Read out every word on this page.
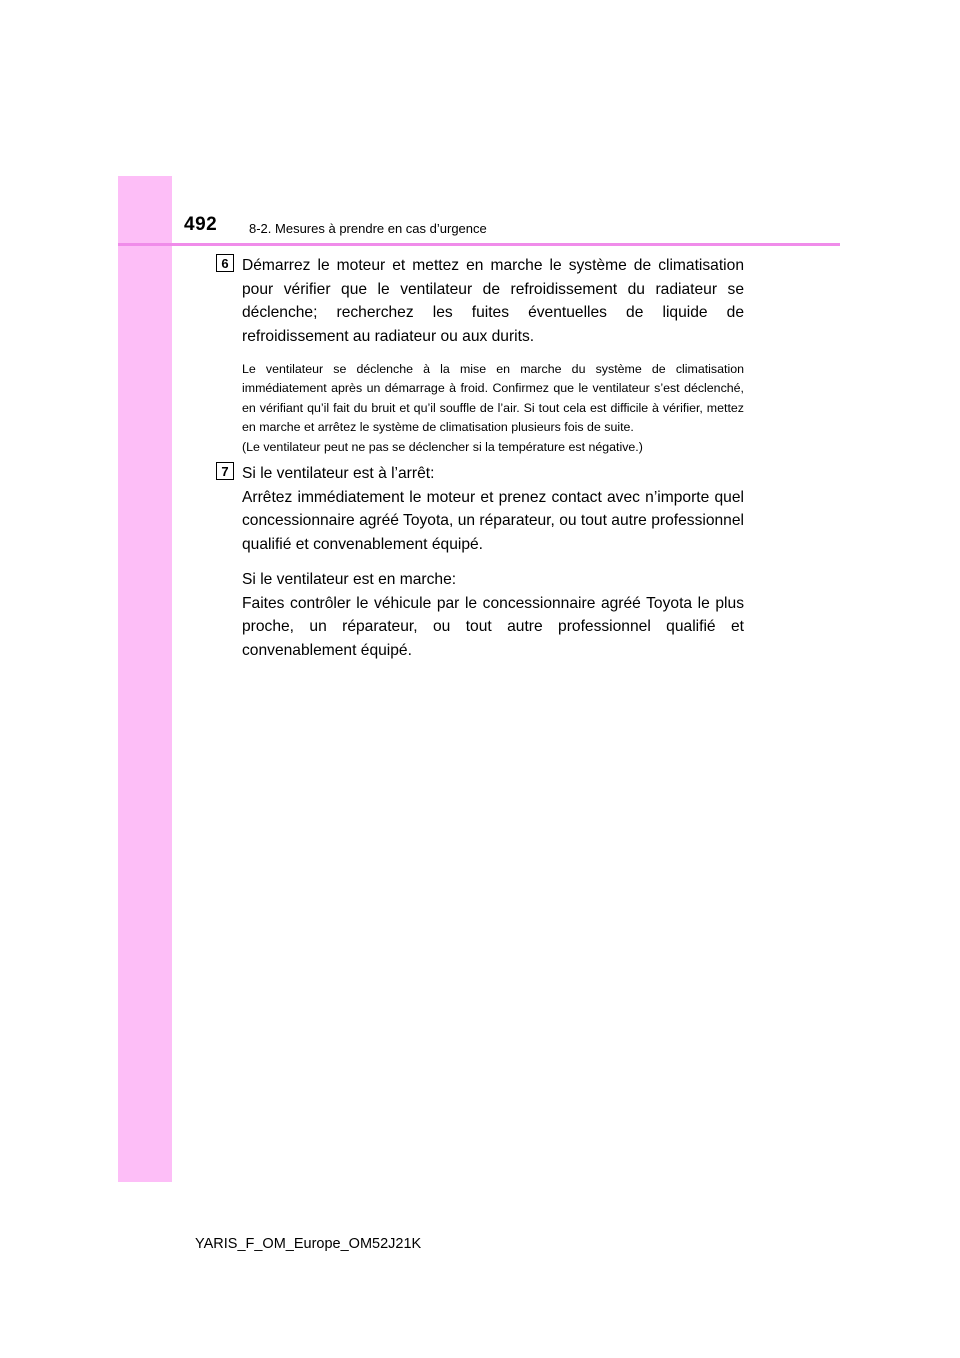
492 8-2. Mesures à prendre en cas d’urgence
6 Démarrez le moteur et mettez en marche le système de climatisation pour vérifier que le ventilateur de refroidissement du radiateur se déclenche; recherchez les fuites éventuelles de liquide de refroidissement au radiateur ou aux durits.

Le ventilateur se déclenche à la mise en marche du système de climatisation immédiatement après un démarrage à froid. Confirmez que le ventilateur s’est déclenché, en vérifiant qu’il fait du bruit et qu’il souffle de l’air. Si tout cela est difficile à vérifier, mettez en marche et arrêtez le système de climatisation plusieurs fois de suite.

(Le ventilateur peut ne pas se déclencher si la température est négative.)

7 Si le ventilateur est à l’arrêt:

Arrêtez immédiatement le moteur et prenez contact avec n’importe quel concessionnaire agréé Toyota, un réparateur, ou tout autre professionnel qualifié et convenablement équipé.

Si le ventilateur est en marche:

Faites contrôler le véhicule par le concessionnaire agréé Toyota le plus proche, un réparateur, ou tout autre professionnel qualifié et convenablement équipé.

YARIS_F_OM_Europe_OM52J21K
